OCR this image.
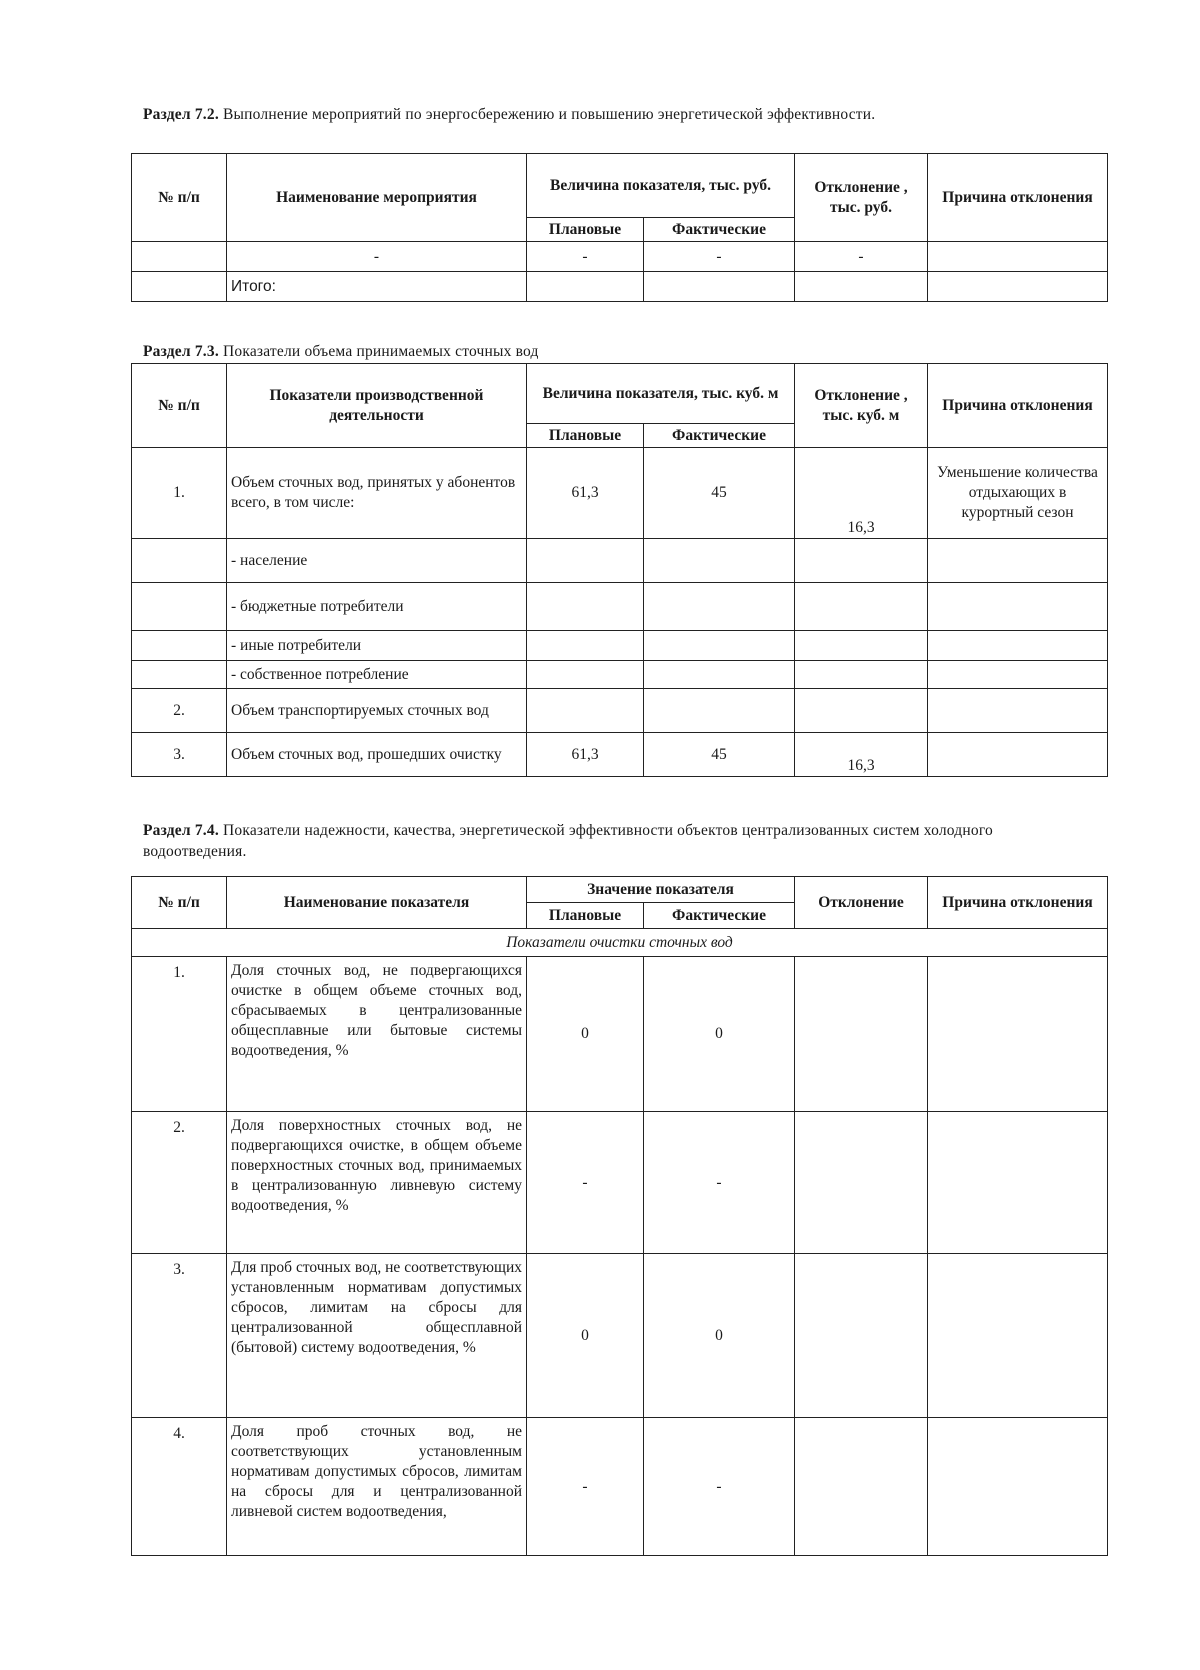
Раздел 7.2. Выполнение мероприятий по энергосбережению и повышению энергетической эффективности.
№ п/п	Наименование мероприятия	Величина показателя, тыс. руб.		Отклонение , тыс. руб.	Причина отклонения
		Плановые	Фактические		
	-	-	-	-	
	Итого:				
Раздел 7.3. Показатели объема принимаемых сточных вод
№ п/п	Показатели производственной деятельности	Величина показателя, тыс. куб. м		Отклонение , тыс. куб. м	Причина отклонения
		Плановые	Фактические		
1.	Объем сточных вод, принятых у абонентов всего, в том числе:	61,3	45	16,3	Уменьшение количества отдыхающих в курортный сезон
	- население				
	- бюджетные потребители				
	- иные потребители				
	- собственное потребление				
2.	Объем транспортируемых сточных вод				
3.	Объем сточных вод, прошедших очистку	61,3	45	16,3	
Раздел 7.4. Показатели надежности, качества, энергетической эффективности объектов централизованных систем холодного водоотведения.
№ п/п	Наименование показателя	Значение показателя		Отклонение	Причина отклонения
		Плановые	Фактические		
Показатели очистки сточных вод					
1.	Доля сточных вод, не подвергающихся очистке в общем объеме сточных вод, сбрасываемых в централизованные общесплавные или бытовые системы водоотведения, %	0	0		
2.	Доля поверхностных сточных вод, не подвергающихся очистке, в общем объеме поверхностных сточных вод, принимаемых в централизованную ливневую систему водоотведения, %	-	-		
3.	Для проб сточных вод, не соответствующих установленным нормативам допустимых сбросов, лимитам на сбросы для централизованной общесплавной (бытовой) систему водоотведения, %	0	0		
4.	Доля проб сточных вод, не соответствующих установленным нормативам допустимых сбросов, лимитам на сбросы для и централизованной ливневой систем водоотведения,	-	-		
